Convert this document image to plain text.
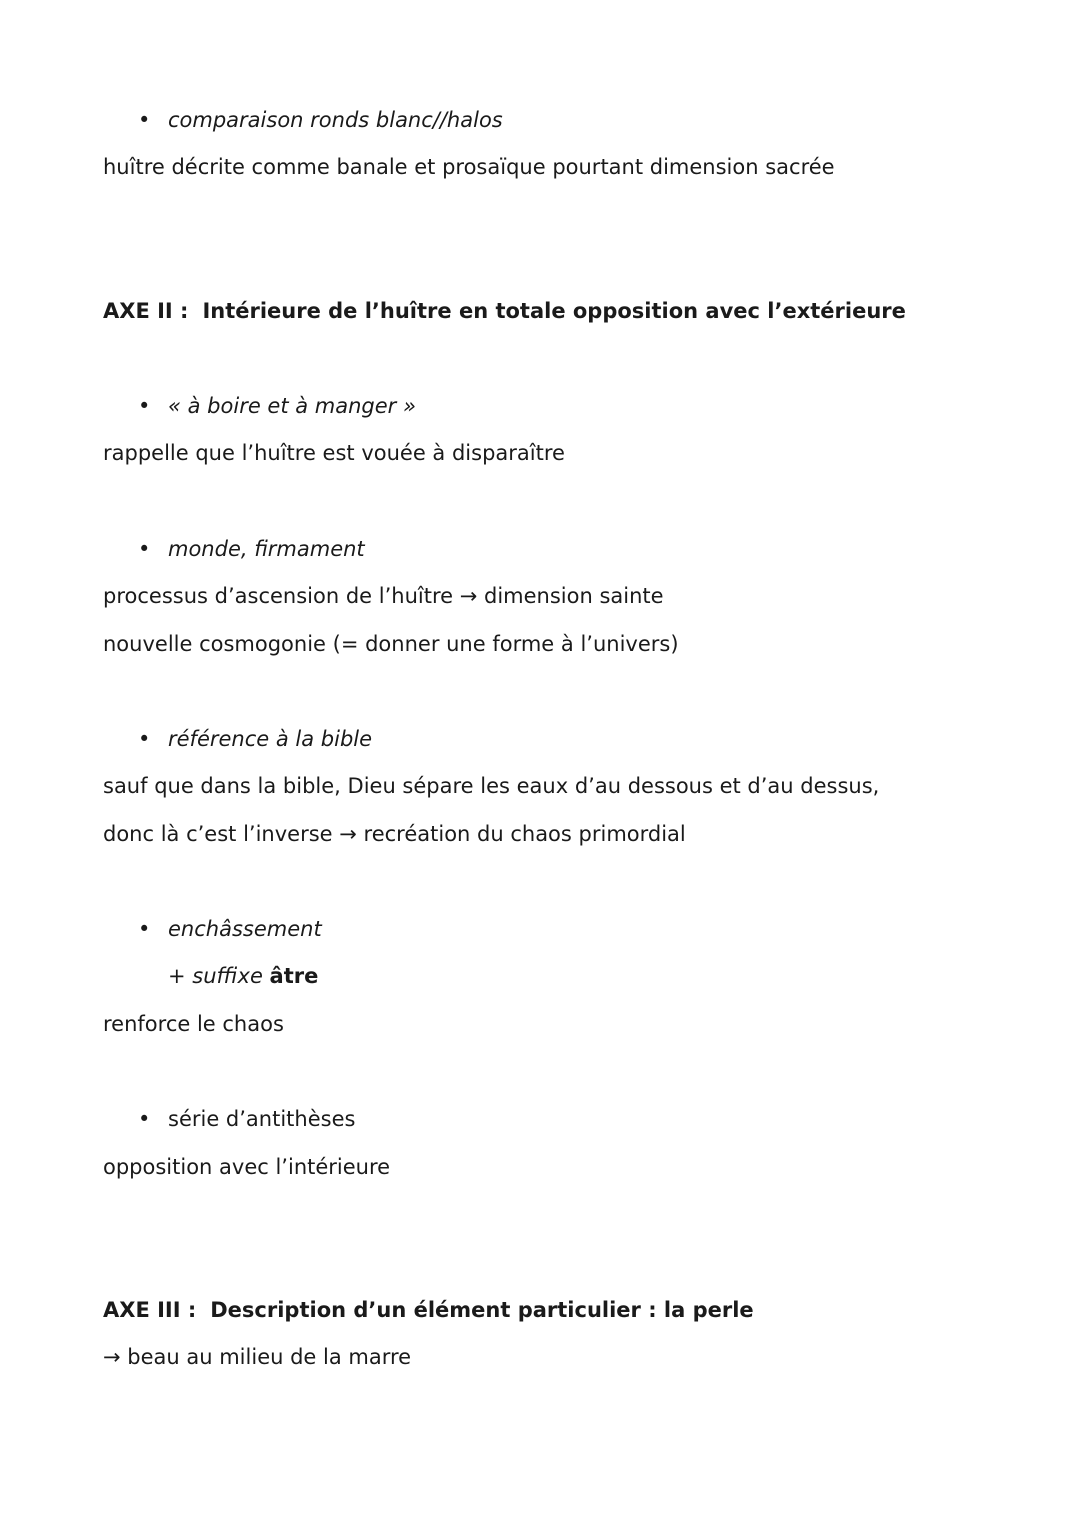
• comparaison ronds blanc//halos
huître décrite comme banale et prosaïque pourtant dimension sacrée
AXE II : Intérieure de l’huître en totale opposition avec l’extérieure
• « à boire et à manger »
rappelle que l’huître est vouée à disparaître
• monde, firmament
processus d’ascension de l’huître → dimension sainte
nouvelle cosmogonie (= donner une forme à l’univers)
• référence à la bible
sauf que dans la bible, Dieu sépare les eaux d’au dessous et d’au dessus,
donc là c’est l’inverse → recréation du chaos primordial
• enchâssement
+ suffixe âtre
renforce le chaos
• série d’antithèses
opposition avec l’intérieure
AXE III : Description d’un élément particulier : la perle
→ beau au milieu de la marre
